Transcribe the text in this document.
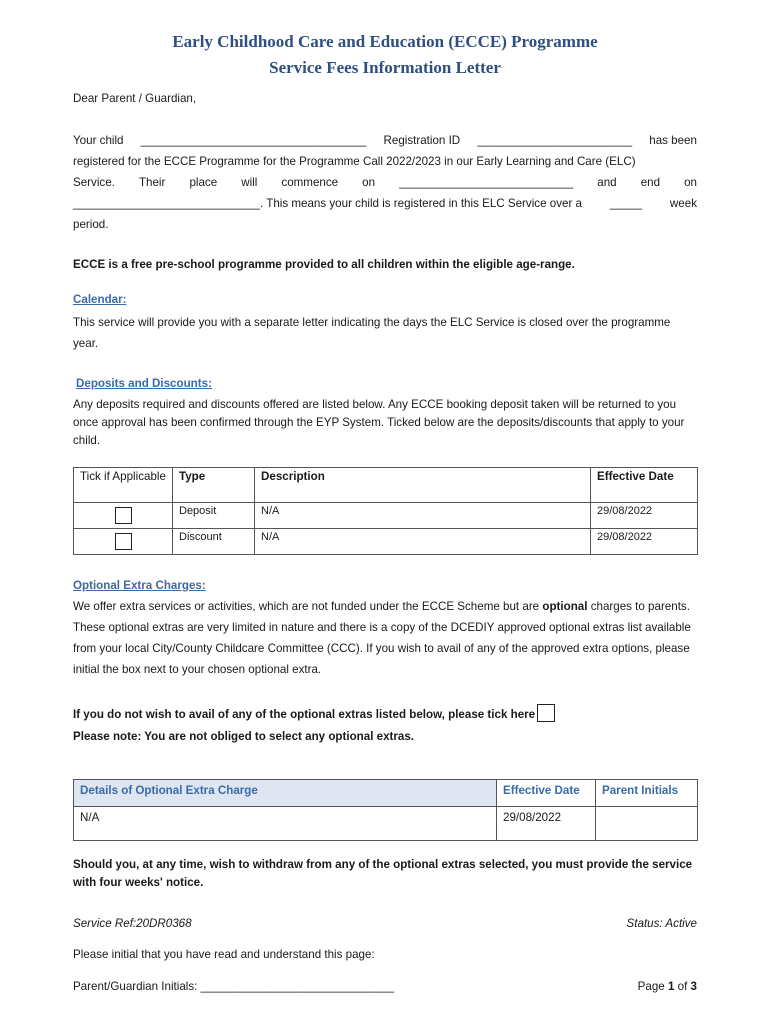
Early Childhood Care and Education (ECCE) Programme
Service Fees Information Letter
Dear Parent / Guardian,
Your child ___________________________________ Registration ID ________________________ has been
registered for the ECCE Programme for the Programme Call 2022/2023 in our Early Learning and Care (ELC)
Service. Their place will commence on ___________________________ and end on
_____________________________. This means your child is registered in this ELC Service over a _____ week
period.
ECCE is a free pre-school programme provided to all children within the eligible age-range.
Calendar:
This service will provide you with a separate letter indicating the days the ELC Service is closed over the programme year.
Deposits and Discounts:
Any deposits required and discounts offered are listed below. Any ECCE booking deposit taken will be returned to you once approval has been confirmed through the EYP System. Ticked below are the deposits/discounts that apply to your child.
Tick if Applicable	Type	Description	Effective Date

	Deposit	N/A	29/08/2022

	Discount	N/A	29/08/2022
Optional Extra Charges:
We offer extra services or activities, which are not funded under the ECCE Scheme but are optional charges to parents. These optional extras are very limited in nature and there is a copy of the DCEDIY approved optional extras list available from your local City/County Childcare Committee (CCC). If you wish to avail of any of the approved extra options, please initial the box next to your chosen optional extra.
If you do not wish to avail of any of the optional extras listed below, please tick here
Please note: You are not obliged to select any optional extras.
Details of Optional Extra Charge	Effective Date	Parent Initials
N/A	29/08/2022	
Should you, at any time, wish to withdraw from any of the optional extras selected, you must provide the service with four weeks' notice.
Service Ref:20DR0368	Status: Active
Please initial that you have read and understand this page:
Parent/Guardian Initials: ______________________________	Page 1 of 3
